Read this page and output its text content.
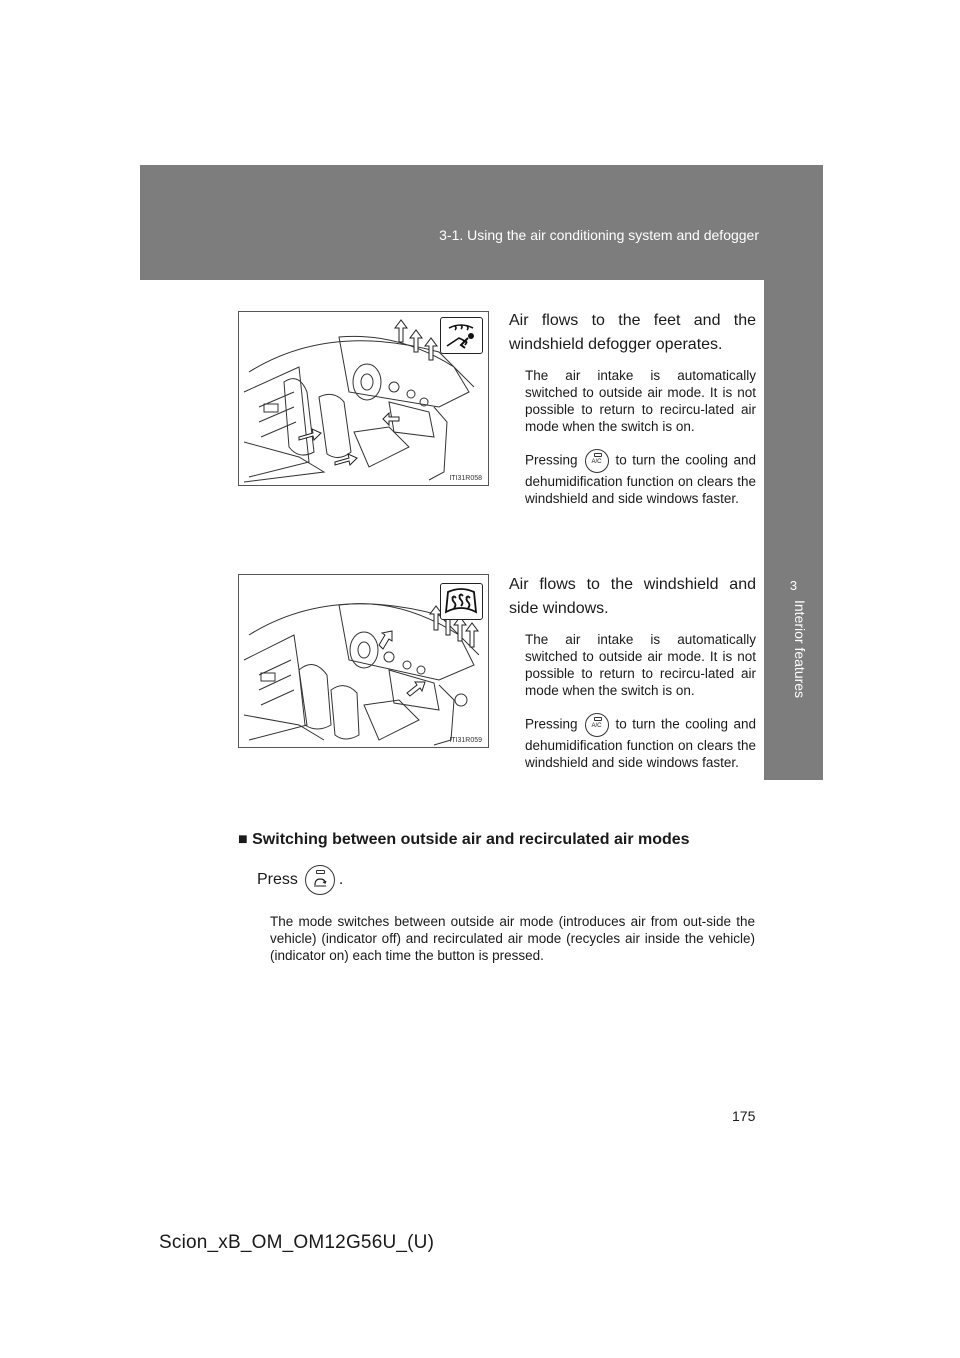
3-1. Using the air conditioning system and defogger
3
Interior features
ITI31R058

Air flows to the feet and the windshield defogger operates.

The air intake is automatically switched to outside air mode. It is not possible to return to recircu-lated air mode when the switch is on.

Pressing A/C to turn the cooling and dehumidification function on clears the windshield and side windows faster.

ITI31R059

Air flows to the windshield and side windows.

The air intake is automatically switched to outside air mode. It is not possible to return to recircu-lated air mode when the switch is on.

Pressing A/C to turn the cooling and dehumidification function on clears the windshield and side windows faster.

■ Switching between outside air and recirculated air modes
Press	.
The mode switches between outside air mode (introduces air from out-side the vehicle) (indicator off) and recirculated air mode (recycles air inside the vehicle) (indicator on) each time the button is pressed.
175
Scion_xB_OM_OM12G56U_(U)
